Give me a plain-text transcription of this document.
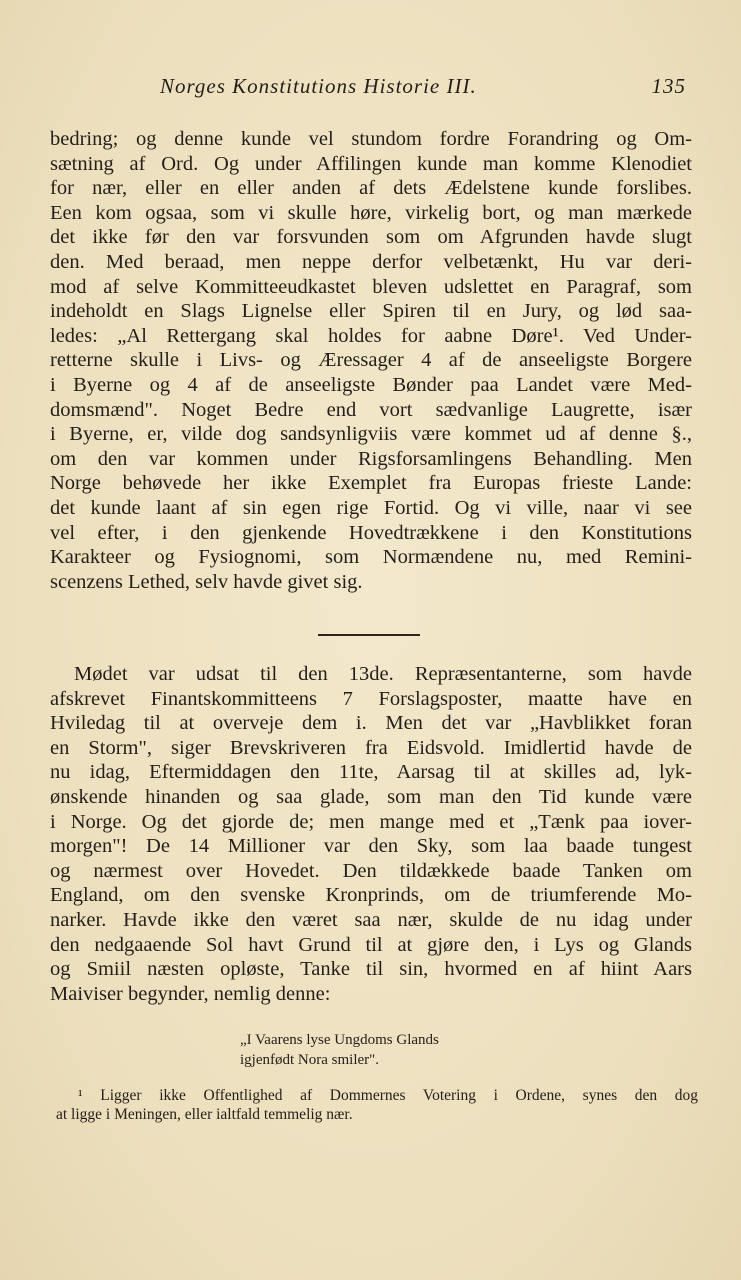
Norges Konstitutions Historie III.	135
bedring; og denne kunde vel stundom fordre Forandring og Om-
sætning af Ord. Og under Affilingen kunde man komme Klenodiet
for nær, eller en eller anden af dets Ædelstene kunde forslibes.
Een kom ogsaa, som vi skulle høre, virkelig bort, og man mærkede
det ikke før den var forsvunden som om Afgrunden havde slugt
den. Med beraad, men neppe derfor velbetænkt, Hu var deri-
mod af selve Kommitteeudkastet bleven udslettet en Paragraf, som
indeholdt en Slags Lignelse eller Spiren til en Jury, og lød saa-
ledes: „Al Rettergang skal holdes for aabne Døre¹. Ved Under-
retterne skulle i Livs- og Æressager 4 af de anseeligste Borgere
i Byerne og 4 af de anseeligste Bønder paa Landet være Med-
domsmænd". Noget Bedre end vort sædvanlige Laugrette, især
i Byerne, er, vilde dog sandsynligviis være kommet ud af denne §.,
om den var kommen under Rigsforsamlingens Behandling. Men
Norge behøvede her ikke Exemplet fra Europas frieste Lande:
det kunde laant af sin egen rige Fortid. Og vi ville, naar vi see
vel efter, i den gjenkende Hovedtrækkene i den Konstitutions
Karakteer og Fysiognomi, som Normændene nu, med Remini-
scenzens Lethed, selv havde givet sig.
Mødet var udsat til den 13de. Repræsentanterne, som havde
afskrevet Finantskommitteens 7 Forslagsposter, maatte have en
Hviledag til at overveje dem i. Men det var „Havblikket foran
en Storm", siger Brevskriveren fra Eidsvold. Imidlertid havde de
nu idag, Eftermiddagen den 11te, Aarsag til at skilles ad, lyk-
ønskende hinanden og saa glade, som man den Tid kunde være
i Norge. Og det gjorde de; men mange med et „Tænk paa iover-
morgen"! De 14 Millioner var den Sky, som laa baade tungest
og nærmest over Hovedet. Den tildækkede baade Tanken om
England, om den svenske Kronprinds, om de triumferende Mo-
narker. Havde ikke den været saa nær, skulde de nu idag under
den nedgaaende Sol havt Grund til at gjøre den, i Lys og Glands
og Smiil næsten opløste, Tanke til sin, hvormed en af hiint Aars
Maiviser begynder, nemlig denne:
„I Vaarens lyse Ungdoms Glands
igjenfødt Nora smiler".
¹ Ligger ikke Offentlighed af Dommernes Votering i Ordene, synes den dog
at ligge i Meningen, eller ialtfald temmelig nær.
